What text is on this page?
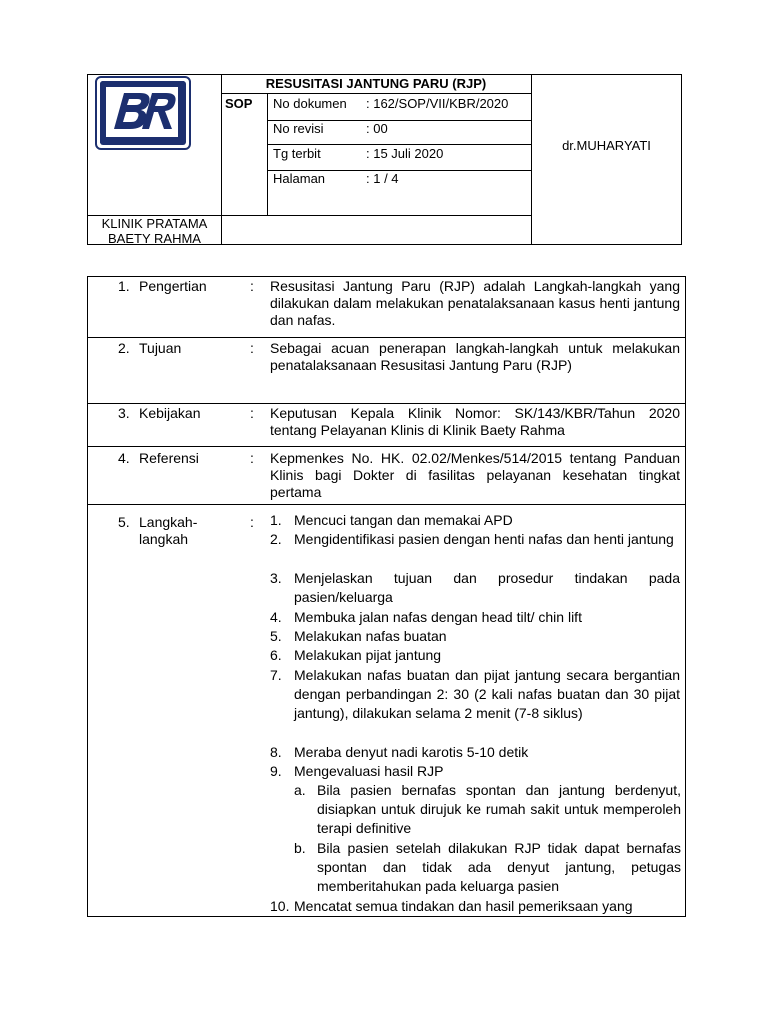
RESUSITASI JANTUNG PARU (RJP)
SOP No dokumen : 162/SOP/VII/KBR/2020
No revisi	: 00
Tg terbit	: 15 Juli 2020
Halaman	: 1 / 4
dr.MUHARYATI
KLINIK PRATAMA
BAETY RAHMA
1. Pengertian	: Resusitasi Jantung Paru (RJP) adalah Langkah-langkah yang dilakukan dalam melakukan penatalaksanaan kasus henti jantung dan nafas.
2. Tujuan	: Sebagai acuan penerapan langkah-langkah untuk melakukan penatalaksanaan Resusitasi Jantung Paru (RJP)
3. Kebijakan	: Keputusan Kepala Klinik Nomor: SK/143/KBR/Tahun 2020 tentang Pelayanan Klinis di Klinik Baety Rahma
4. Referensi	: Kepmenkes No. HK. 02.02/Menkes/514/2015 tentang Panduan Klinis bagi Dokter di fasilitas pelayanan kesehatan tingkat pertama
5. Langkah-
langkah
: 1. Mencuci tangan dan memakai APD
2. Mengidentifikasi pasien dengan henti nafas dan henti jantung
3. Menjelaskan tujuan dan prosedur tindakan pada pasien/keluarga
4. Membuka jalan nafas dengan head tilt/ chin lift
5. Melakukan nafas buatan
6. Melakukan pijat jantung
7. Melakukan nafas buatan dan pijat jantung secara bergantian dengan perbandingan 2: 30 (2 kali nafas buatan dan 30 pijat jantung), dilakukan selama 2 menit (7-8 siklus)
8. Meraba denyut nadi karotis 5-10 detik
9. Mengevaluasi hasil RJP
a. Bila pasien bernafas spontan dan jantung berdenyut, disiapkan untuk dirujuk ke rumah sakit untuk memperoleh terapi definitive
b. Bila pasien setelah dilakukan RJP tidak dapat bernafas spontan dan tidak ada denyut jantung, petugas memberitahukan pada keluarga pasien
10. Mencatat semua tindakan dan hasil pemeriksaan yang
